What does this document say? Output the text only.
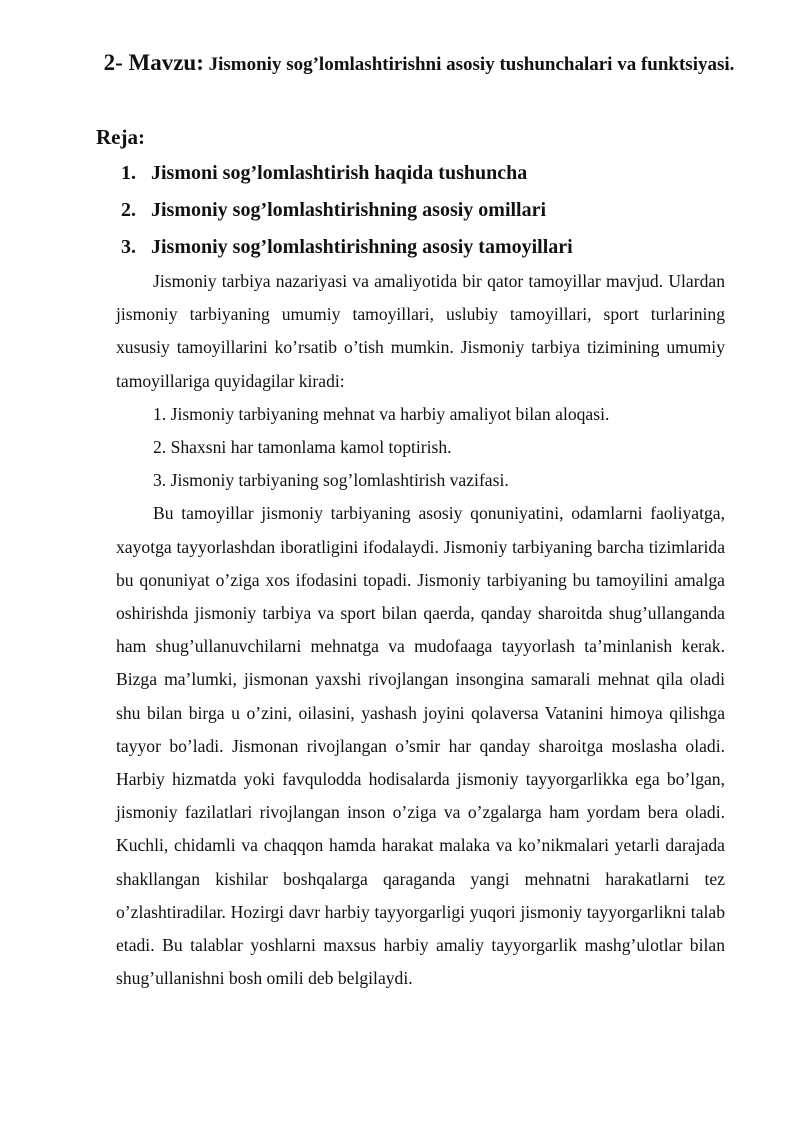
2- Mavzu: Jismoniy sog’lomlashtirishni asosiy tushunchalari va funktsiyasi.

Reja:

1. Jismoni sog’lomlashtirish haqida tushuncha
2. Jismoniy sog’lomlashtirishning asosiy omillari
3. Jismoniy sog’lomlashtirishning asosiy tamoyillari

Jismoniy tarbiya nazariyasi va amaliyotida bir qator tamoyillar mavjud. Ulardan jismoniy tarbiyaning umumiy tamoyillari, uslubiy tamoyillari, sport turlarining xususiy tamoyillarini ko’rsatib o’tish mumkin. Jismoniy tarbiya tizimining umumiy tamoyillariga quyidagilar kiradi:

1. Jismoniy tarbiyaning mehnat va harbiy amaliyot bilan aloqasi.
2. Shaxsni har tamonlama kamol toptirish.
3. Jismoniy tarbiyaning sog’lomlashtirish vazifasi.

Bu tamoyillar jismoniy tarbiyaning asosiy qonuniyatini, odamlarni faoliyatga, xayotga tayyorlashdan iboratligini ifodalaydi. Jismoniy tarbiyaning barcha tizimlarida bu qonuniyat o’ziga xos ifodasini topadi. Jismoniy tarbiyaning bu tamoyilini amalga oshirishda jismoniy tarbiya va sport bilan qaerda, qanday sharoitda shug’ullanganda ham shug’ullanuvchilarni mehnatga va mudofaaga tayyorlash ta’minlanish kerak. Bizga ma’lumki, jismonan yaxshi rivojlangan insongina samarali mehnat qila oladi shu bilan birga u o’zini, oilasini, yashash joyini qolaversa Vatanini himoya qilishga tayyor bo’ladi. Jismonan rivojlangan o’smir har qanday sharoitga moslasha oladi. Harbiy hizmatda yoki favqulodda hodisalarda jismoniy tayyorgarlikka ega bo’lgan, jismoniy fazilatlari rivojlangan inson o’ziga va o’zgalarga ham yordam bera oladi. Kuchli, chidamli va chaqqon hamda harakat malaka va ko’nikmalari yetarli darajada shakllangan kishilar boshqalarga qaraganda yangi mehnatni harakatlarni tez o’zlashtiradilar. Hozirgi davr harbiy tayyorgarligi yuqori jismoniy tayyorgarlikni talab etadi. Bu talablar yoshlarni maxsus harbiy amaliy tayyorgarlik mashg’ulotlar bilan shug’ullanishni bosh omili deb belgilaydi.
